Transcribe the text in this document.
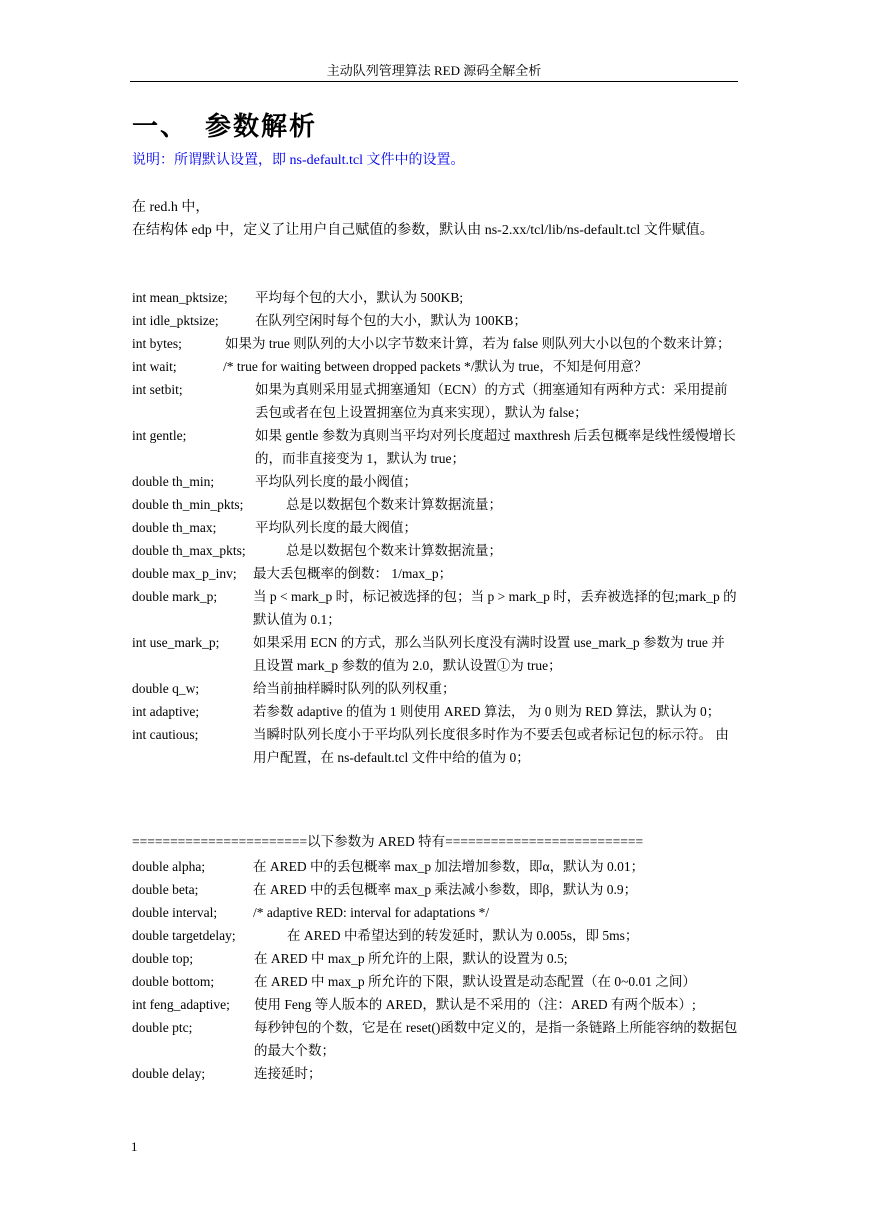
主动队列管理算法 RED 源码全解全析
一、  参数解析
说明：所谓默认设置，即 ns-default.tcl 文件中的设置。
在 red.h 中，
在结构体 edp 中，定义了让用户自己赋值的参数，默认由 ns-2.xx/tcl/lib/ns-default.tcl 文件赋值。
int mean_pktsize;	平均每个包的大小，默认为 500KB;
int idle_pktsize;	在队列空闲时每个包的大小，默认为 100KB；
int bytes;	如果为 true 则队列的大小以字节数来计算，若为 false 则队列大小以包的个数来计算；
int wait;	/* true for waiting between dropped packets */默认为 true，不知是何用意？
int setbit;	如果为真则采用显式拥塞通知（ECN）的方式（拥塞通知有两种方式：采用提前丢包或者在包上设置拥塞位为真来实现），默认为 false；
int gentle;	如果 gentle 参数为真则当平均对列长度超过 maxthresh 后丢包概率是线性缓慢增长的，而非直接变为 1，默认为 true；
double th_min;	平均队列长度的最小阀值；
double th_min_pkts;	总是以数据包个数来计算数据流量；
double th_max;	平均队列长度的最大阀值；
double th_max_pkts;	总是以数据包个数来计算数据流量；
double max_p_inv;	最大丢包概率的倒数： 1/max_p；
double mark_p;	当 p < mark_p 时，标记被选择的包；当 p > mark_p 时，丢弃被选择的包;mark_p 的默认值为 0.1；
int use_mark_p;	如果采用 ECN 的方式，那么当队列长度没有满时设置 use_mark_p 参数为 true 并且设置 mark_p 参数的值为 2.0，默认设置①为 true；
double q_w;	给当前抽样瞬时队列的队列权重；
int adaptive;	若参数 adaptive 的值为 1 则使用 ARED 算法， 为 0 则为 RED 算法，默认为 0；
int cautious;	当瞬时队列长度小于平均队列长度很多时作为不要丢包或者标记包的标示符。 由用户配置，在 ns-default.tcl 文件中给的值为 0；
=======================以下参数为 ARED 特有==========================
double alpha;	在 ARED 中的丢包概率 max_p 加法增加参数，即α，默认为 0.01；
double beta;	在 ARED 中的丢包概率 max_p 乘法减小参数，即β，默认为 0.9；
double interval;	/* adaptive RED: interval for adaptations */
double targetdelay;	在 ARED 中希望达到的转发延时，默认为 0.005s，即 5ms；
double top;	在 ARED 中 max_p 所允许的上限，默认的设置为 0.5;
double bottom;	在 ARED 中 max_p 所允许的下限，默认设置是动态配置（在 0~0.01 之间）
int feng_adaptive;	使用 Feng 等人版本的 ARED，默认是不采用的（注：ARED 有两个版本）;
double ptc;	每秒钟包的个数，它是在 reset()函数中定义的，是指一条链路上所能容纳的数据包的最大个数；
double delay;	连接延时；
1
